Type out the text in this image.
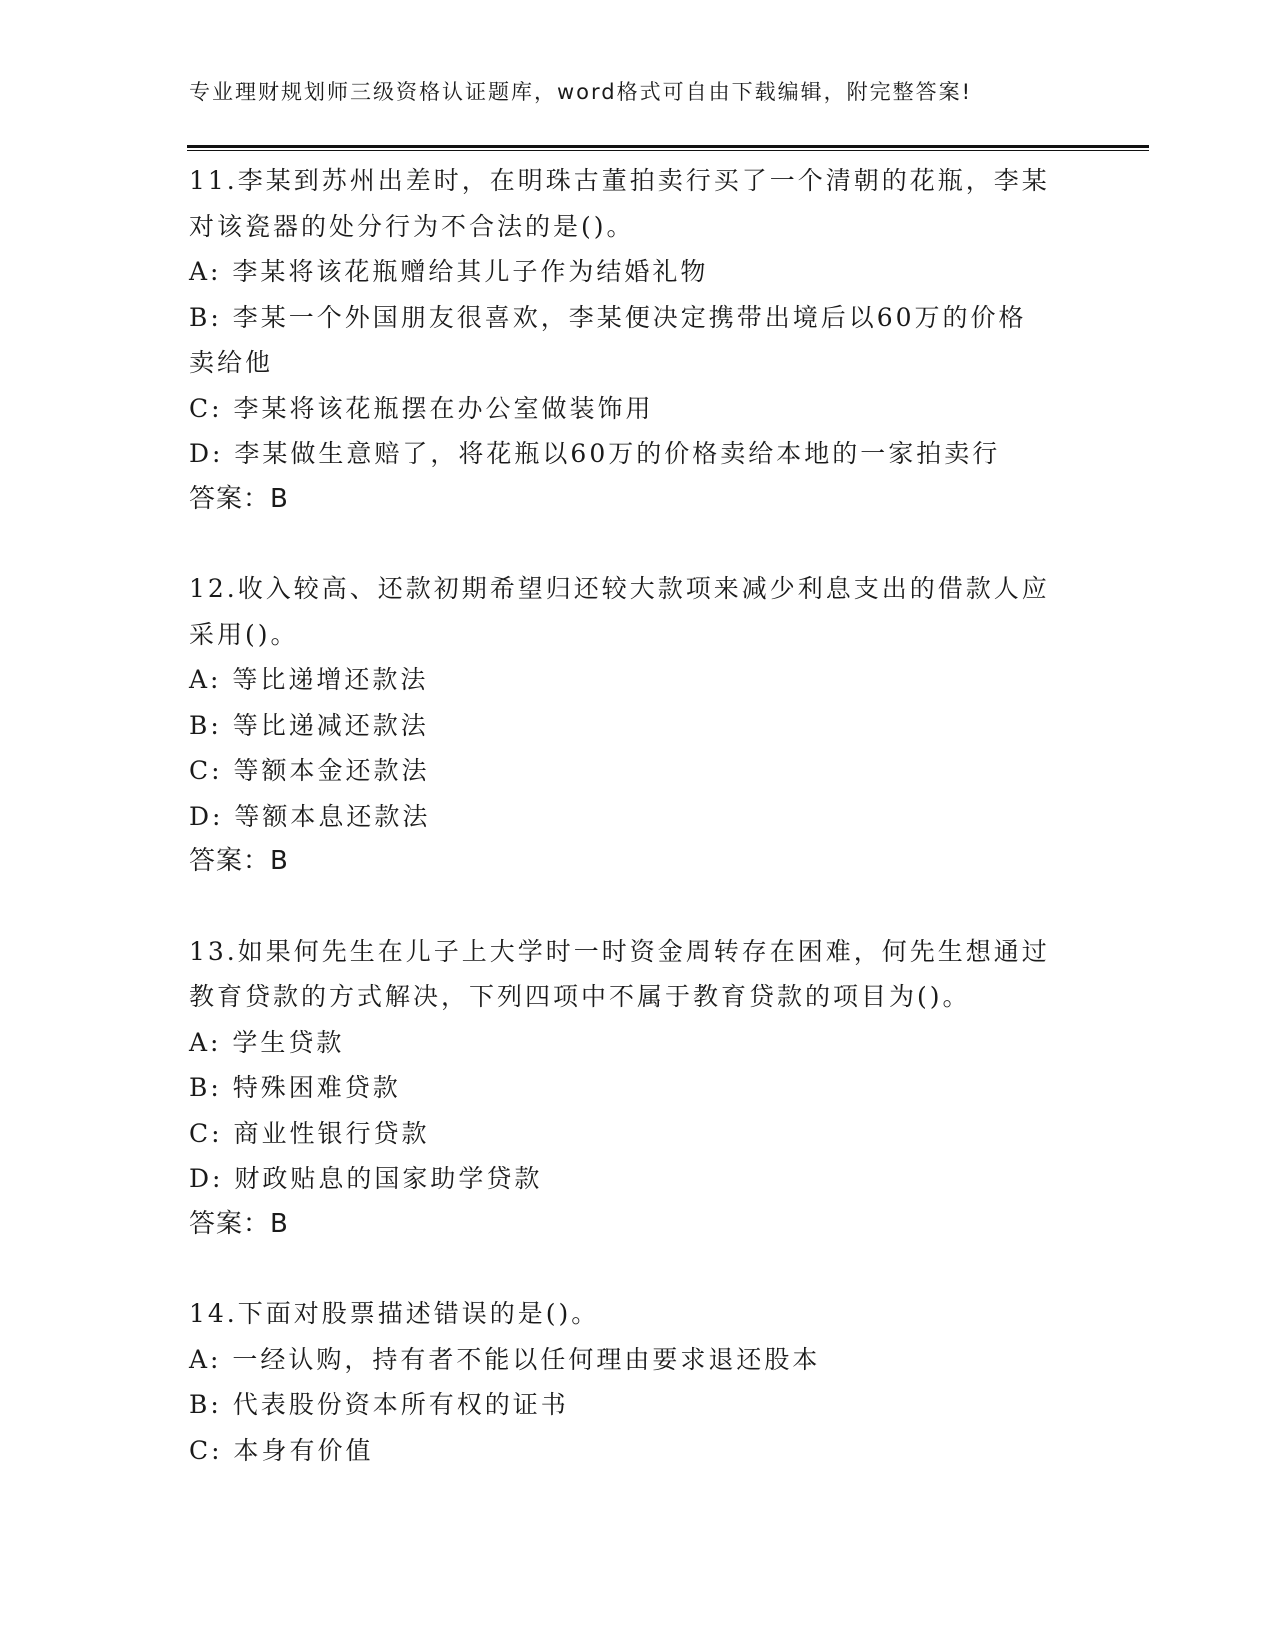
专业理财规划师三级资格认证题库，word格式可自由下载编辑，附完整答案!
11.李某到苏州出差时，在明珠古董拍卖行买了一个清朝的花瓶，李某
对该瓷器的处分行为不合法的是()。
A: 李某将该花瓶赠给其儿子作为结婚礼物
B: 李某一个外国朋友很喜欢，李某便决定携带出境后以60万的价格
卖给他
C: 李某将该花瓶摆在办公室做装饰用
D: 李某做生意赔了，将花瓶以60万的价格卖给本地的一家拍卖行
答案：B
12.收入较高、还款初期希望归还较大款项来减少利息支出的借款人应
采用()。
A: 等比递增还款法
B: 等比递减还款法
C: 等额本金还款法
D: 等额本息还款法
答案：B
13.如果何先生在儿子上大学时一时资金周转存在困难，何先生想通过
教育贷款的方式解决，下列四项中不属于教育贷款的项目为()。
A: 学生贷款
B: 特殊困难贷款
C: 商业性银行贷款
D: 财政贴息的国家助学贷款
答案：B
14.下面对股票描述错误的是()。
A: 一经认购，持有者不能以任何理由要求退还股本
B: 代表股份资本所有权的证书
C: 本身有价值
